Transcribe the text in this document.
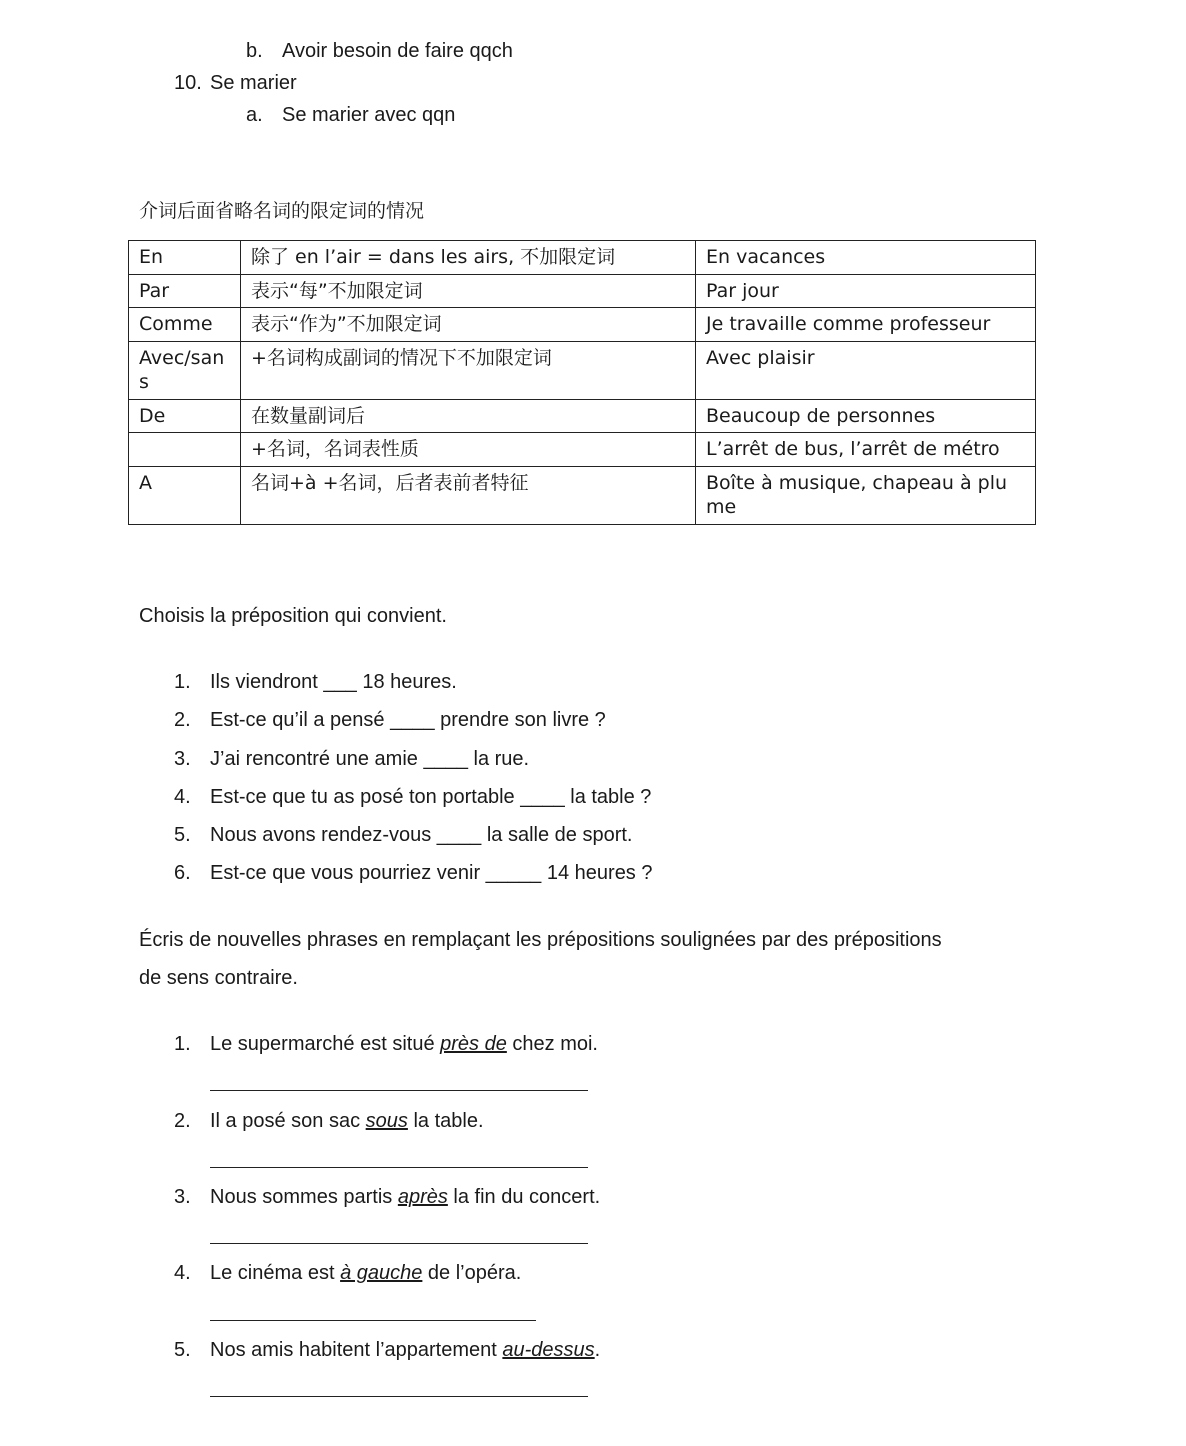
b. Avoir besoin de faire qqch
10. Se marier
a. Se marier avec qqn
介词后面省略名词的限定词的情况
En	除了 en l’air = dans les airs, 不加限定词	En vacances
Par	表示“每”不加限定词	Par jour
Comme	表示“作为”不加限定词	Je travaille comme professeur
Avec/sans	+名词构成副词的情况下不加限定词	Avec plaisir
De	在数量副词后	Beaucoup de personnes
	+名词，名词表性质	L’arrêt de bus, l’arrêt de métro
A	名词+à +名词，后者表前者特征	Boîte à musique, chapeau à plume
Choisis la préposition qui convient.
1. Ils viendront ___ 18 heures.
2. Est-ce qu’il a pensé ____ prendre son livre ?
3. J’ai rencontré une amie ____ la rue.
4. Est-ce que tu as posé ton portable ____ la table ?
5. Nous avons rendez-vous ____ la salle de sport.
6. Est-ce que vous pourriez venir _____ 14 heures ?
Écris de nouvelles phrases en remplaçant les prépositions soulignées par des prépositions
de sens contraire.
1. Le supermarché est situé près de chez moi.
2. Il a posé son sac sous la table.
3. Nous sommes partis après la fin du concert.
4. Le cinéma est à gauche de l’opéra.
5. Nos amis habitent l’appartement au-dessus.
